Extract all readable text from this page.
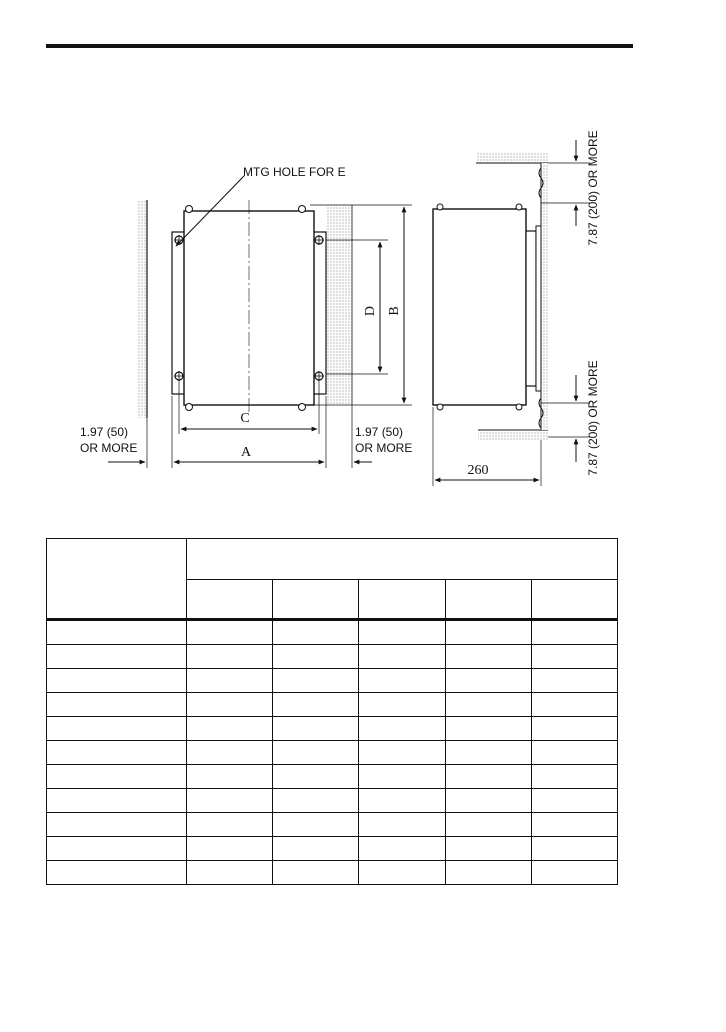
MTG HOLE FOR E
B
D
C
A
1.97 (50)
OR MORE
1.97 (50)
OR MORE
7.87 (200) OR MORE
7.87 (200) OR MORE
260
